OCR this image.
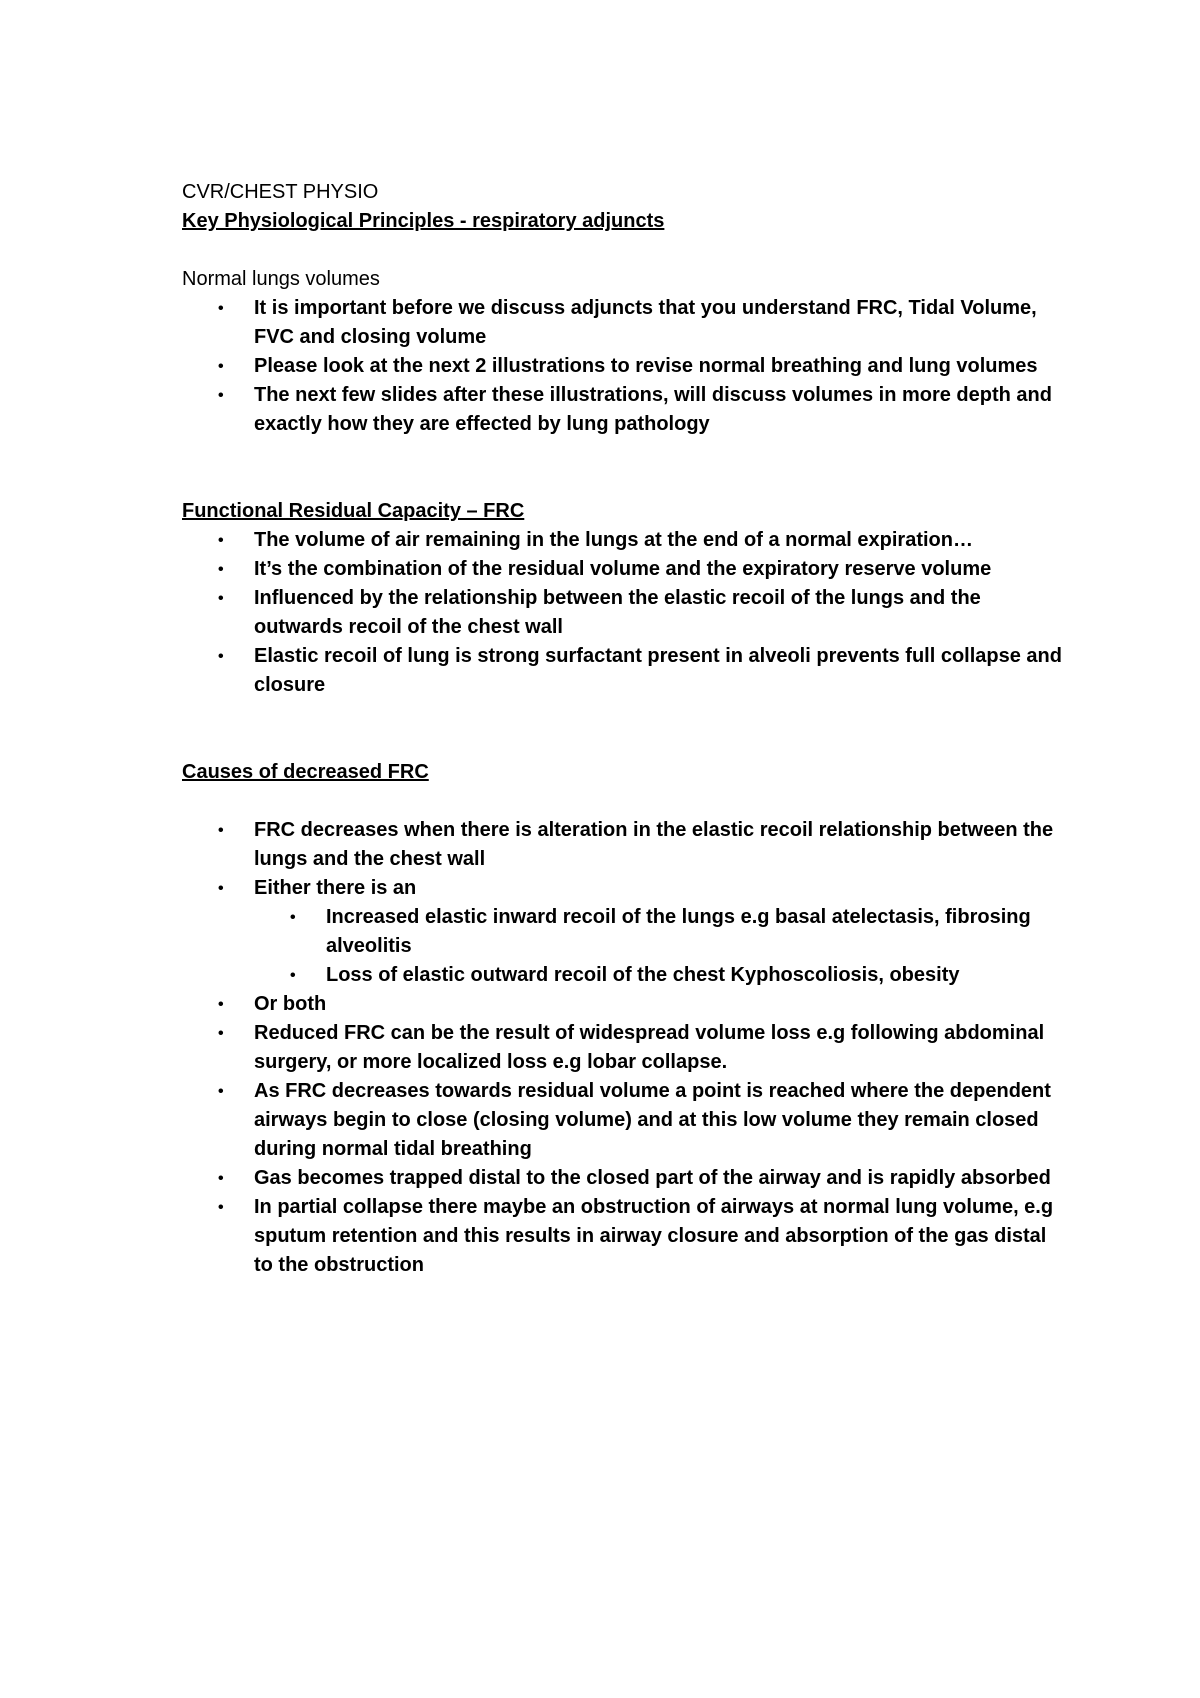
CVR/CHEST PHYSIO

Key Physiological Principles - respiratory adjuncts

Normal lungs volumes

• It is important before we discuss adjuncts that you understand FRC, Tidal Volume, FVC and closing volume
• Please look at the next 2 illustrations to revise normal breathing and lung volumes
• The next few slides after these illustrations, will discuss volumes in more depth and exactly how they are effected by lung pathology

Functional Residual Capacity – FRC

• The volume of air remaining in the lungs at the end of a normal expiration…
• It’s the combination of the residual volume and the expiratory reserve volume
• Influenced by the relationship between the elastic recoil of the lungs and the outwards recoil of the chest wall
• Elastic recoil of lung is strong surfactant present in alveoli prevents full collapse and closure

Causes of decreased FRC

• FRC decreases when there is alteration in the elastic recoil relationship between the lungs and the chest wall
• Either there is an
• Increased elastic inward recoil of the lungs e.g basal atelectasis, fibrosing alveolitis
• Loss of elastic outward recoil of the chest Kyphoscoliosis, obesity
• Or both
• Reduced FRC can be the result of widespread volume loss e.g following abdominal surgery, or more localized loss e.g lobar collapse.
• As FRC decreases towards residual volume a point is reached where the dependent airways begin to close (closing volume) and at this low volume they remain closed during normal tidal breathing
• Gas becomes trapped distal to the closed part of the airway and is rapidly absorbed
• In partial collapse there maybe an obstruction of airways at normal lung volume, e.g sputum retention and this results in airway closure and absorption of the gas distal to the obstruction
